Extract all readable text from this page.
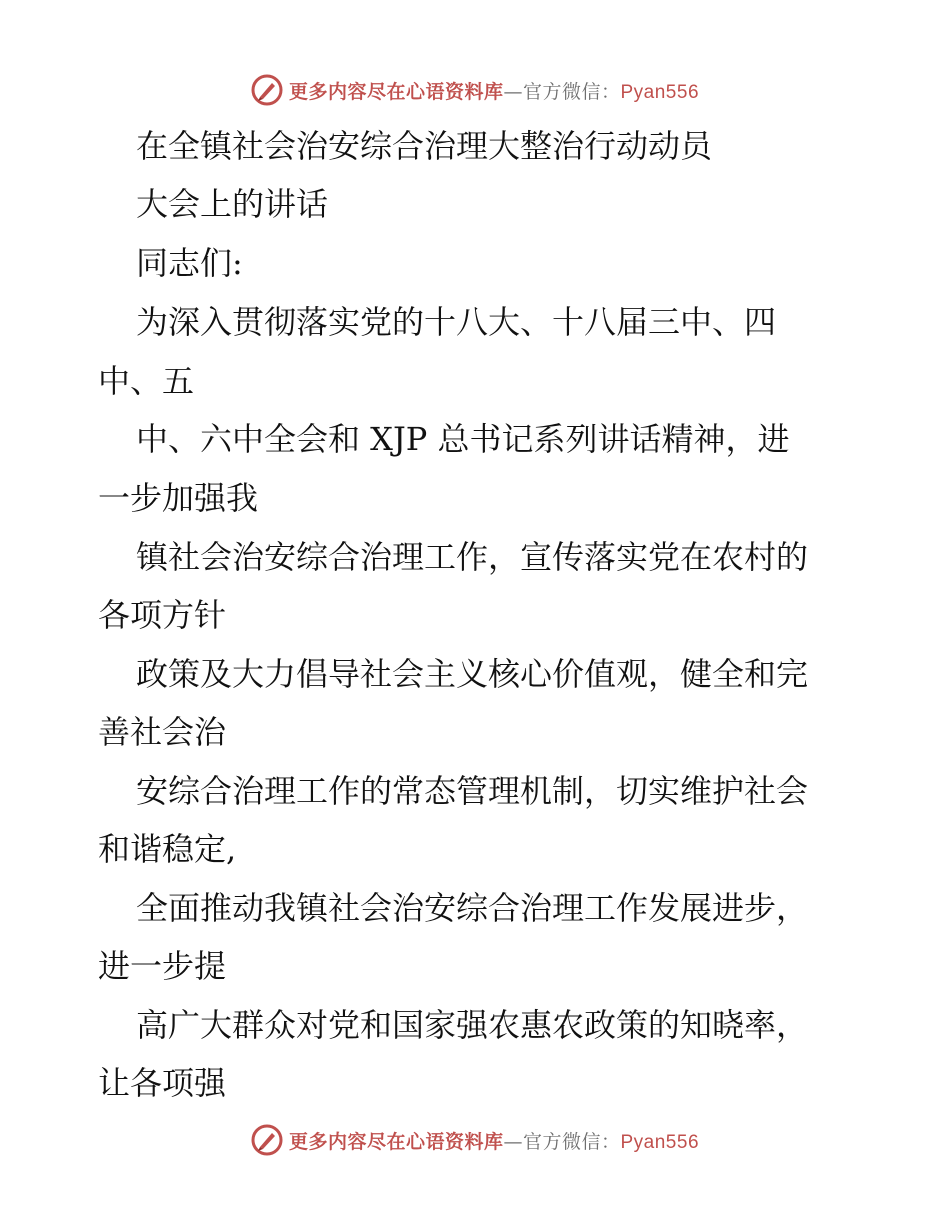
更多内容尽在心语资料库—官方微信：Pyan556
在全镇社会治安综合治理大整治行动动员
大会上的讲话
同志们:
为深入贯彻落实党的十八大、十八届三中、四
中、五
中、六中全会和 XJP 总书记系列讲话精神，进
一步加强我
镇社会治安综合治理工作，宣传落实党在农村的
各项方针
政策及大力倡导社会主义核心价值观，健全和完
善社会治
安综合治理工作的常态管理机制，切实维护社会
和谐稳定,
全面推动我镇社会治安综合治理工作发展进步，
进一步提
高广大群众对党和国家强农惠农政策的知晓率，
让各项强
更多内容尽在心语资料库—官方微信：Pyan556
